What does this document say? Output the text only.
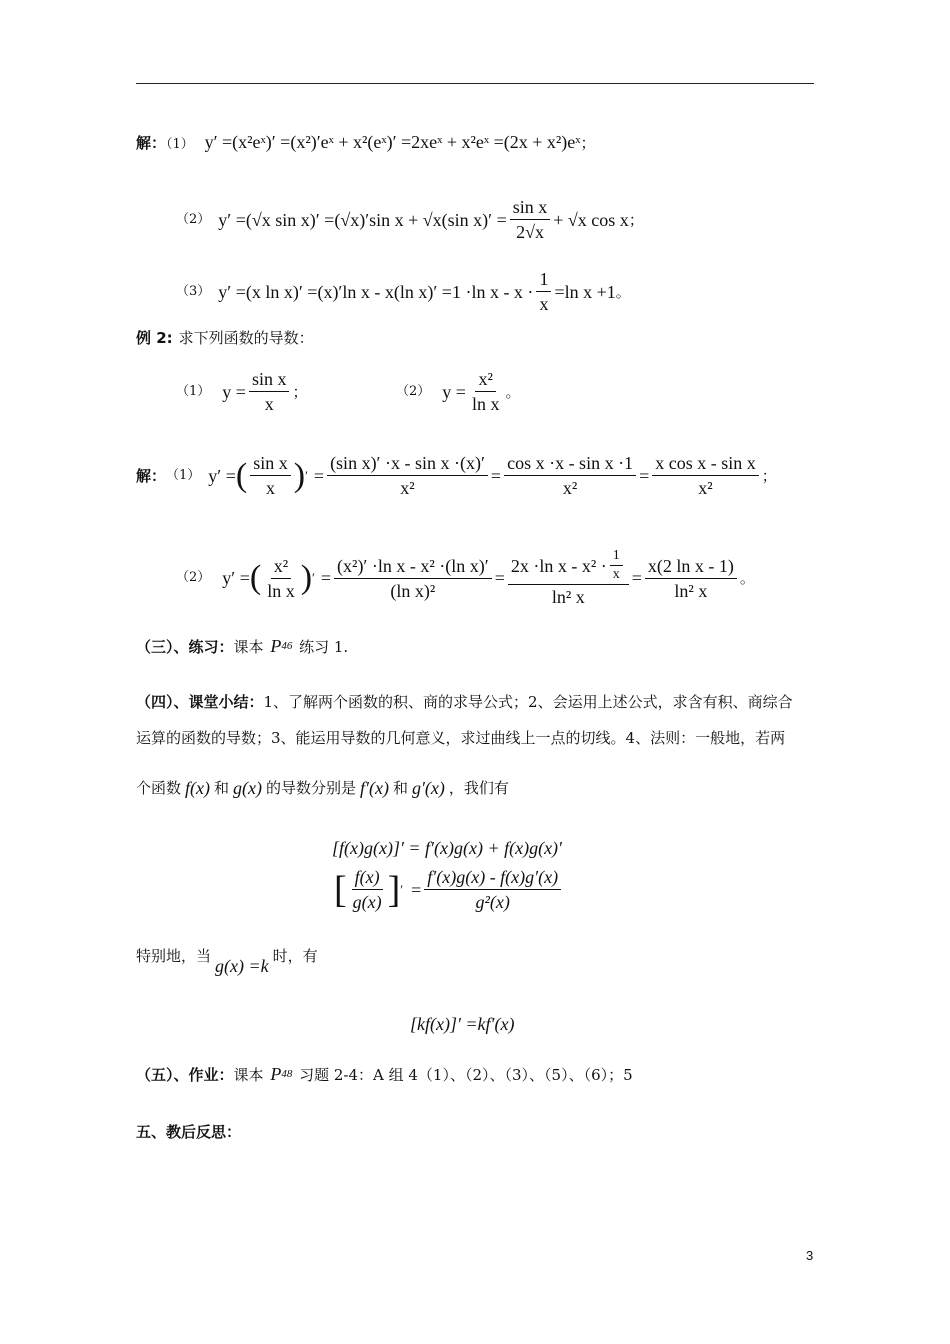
解：（1） y′ =(x²eˣ)′ =(x²)′eˣ + x²(eˣ)′ =2xeˣ + x²eˣ =(2x + x²)eˣ；
（2） y′ =(√x sin x)′ =(√x)′sin x + √x(sin $x)' = \frac{\text{sin x}}{2√x} + √x$ cos x ；
（3） y′ =(x ln x)′ =(x)′ln x - x(ln x)′ =1 ·ln $x - x \cdot \frac{1}{x} =\ln$ x +1 。
例 2: 求下列函数的导数：
（1） $y = \frac{\text{sin x}}{x}$ ；	（2） $y = \frac{\text{x²}}{\text{ln x}}$ 。
解： （1） y′ = ( $\frac{\text{sin x}}{x}$ ) ′ = $\frac{\text{(sin x)′ ·x - sin x ·(x)′}}{\text{x²}} = \frac{\text{cos x ·x - sin x ·1}}{\text{x²}} = \frac{\text{x cos x - sin x}}{\text{x²}}$ ；
（2） y′ = ( $\frac{\text{x²}}{\text{ln x}}$ ) ′ = $\frac{\text{(x²)′ ·ln x - x² ·(ln x)′}}{\text{(ln x)²}} = \frac{2x \cdot\ln x - x^2 \cdot \frac{1}{x}}{\text{ln² x}} = \frac{\text{x(2 ln x - 1)}}{\text{ln² x}}$ 。
（三）、练习：课本 P 46 练习 1.
（四）、课堂小结：1、了解两个函数的积、商的求导公式；2、会运用上述公式，求含有积、商综合
运算的函数的导数；3、能运用导数的几何意义，求过曲线上一点的切线。4、法则：一般地，若两
个函数 f(x) 和 g(x) 的导数分别是 f′(x) 和 g′(x) ，我们有
[f(x)g(x)]′ = f′(x)g(x) + f(x)g(x)′
[ $\frac{f(x)}{g(x)}$ ] ′ = $\frac{f'(x)g(x) - f(x)g'(x)}{\text{g²(x)}}$
特别地，当 g(x) =k 时，有
[kf(x)]′ =kf′(x)
（五）、作业：课本 P 48 习题 2-4：A 组 4（1）、（2）、（3）、（5）、（6）；5
五、教后反思：
3
